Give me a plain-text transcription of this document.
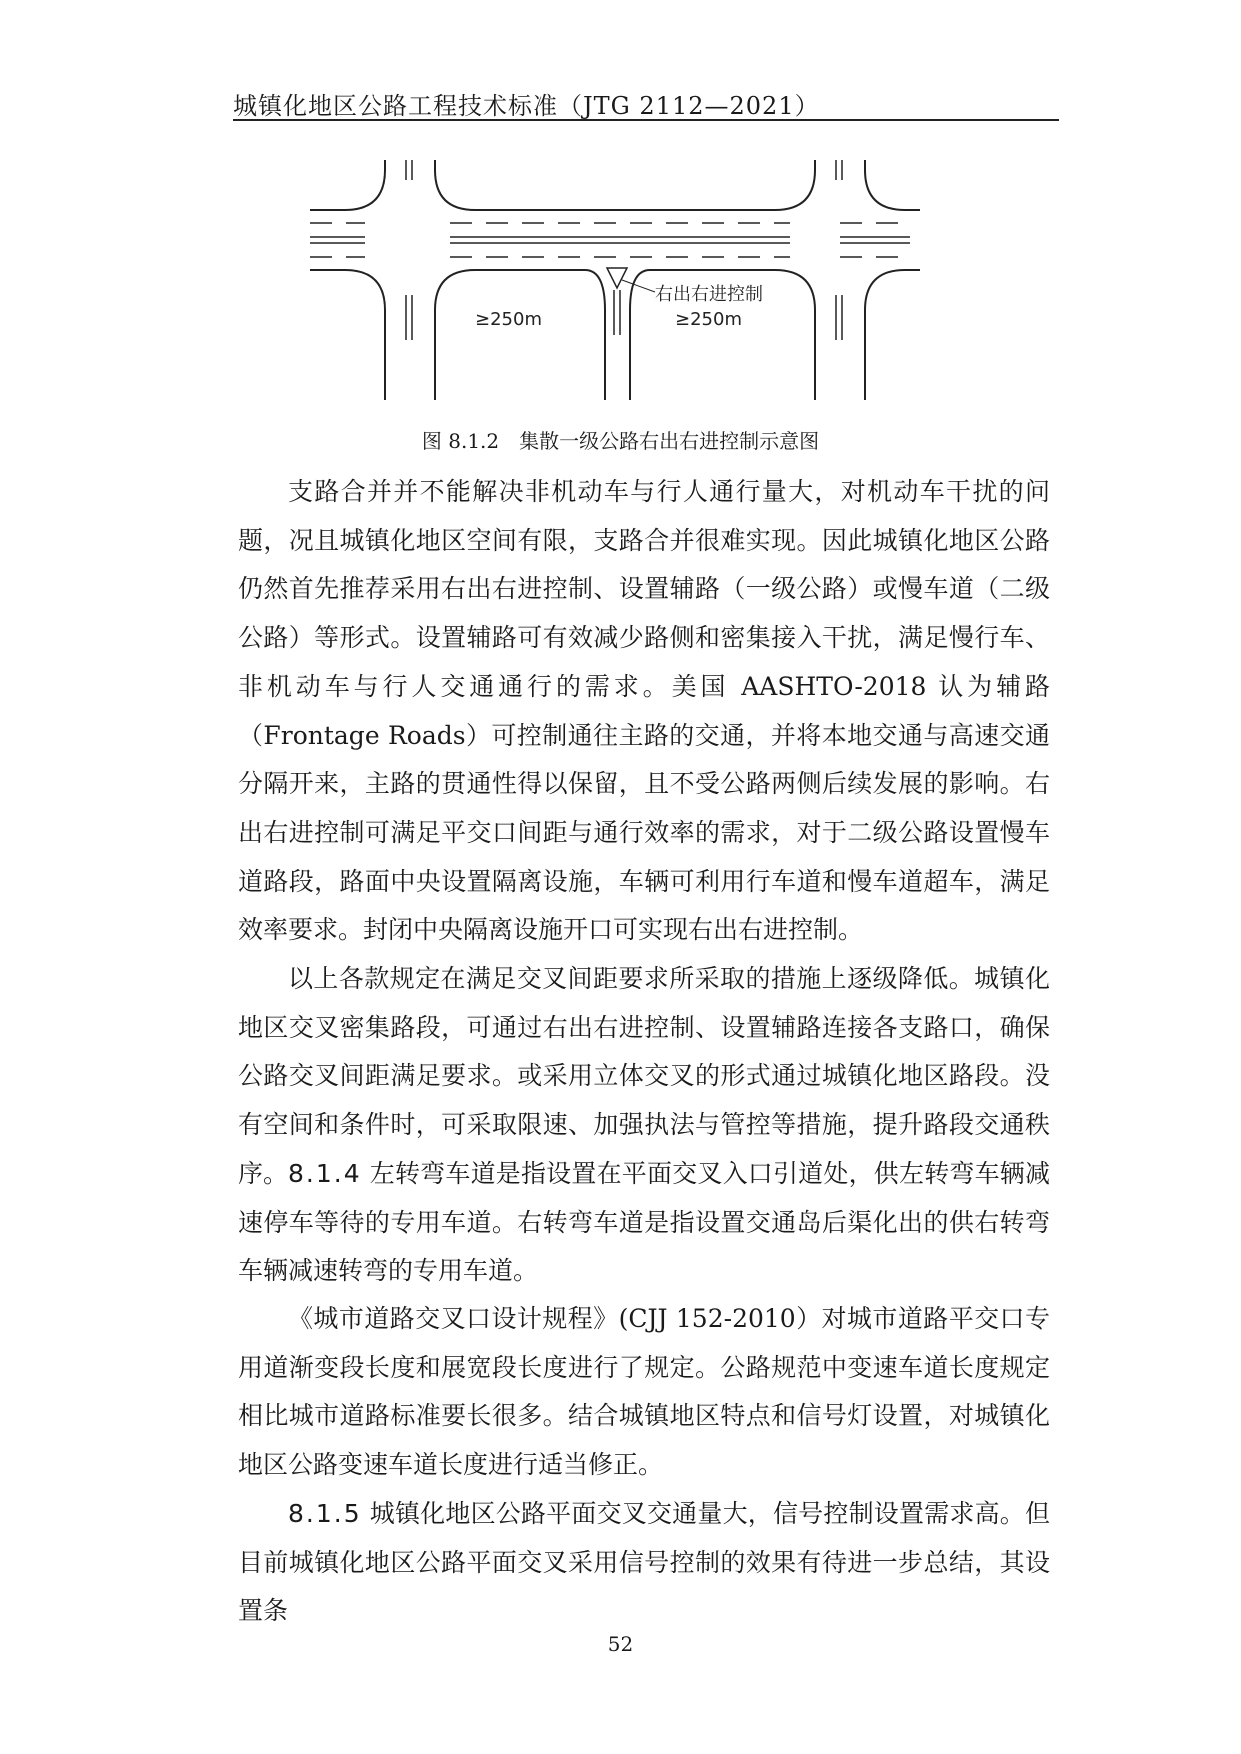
城镇化地区公路工程技术标准（JTG 2112—2021）
右出右进控制
≥250m	≥250m
图 8.1.2　集散一级公路右出右进控制示意图

支路合并并不能解决非机动车与行人通行量大，对机动车干扰的问题，况且城镇化地区空间有限，支路合并很难实现。因此城镇化地区公路仍然首先推荐采用右出右进控制、设置辅路（一级公路）或慢车道（二级公路）等形式。设置辅路可有效减少路侧和密集接入干扰，满足慢行车、非机动车与行人交通通行的需求。美国 AASHTO-2018 认为辅路（Frontage Roads）可控制通往主路的交通，并将本地交通与高速交通分隔开来，主路的贯通性得以保留，且不受公路两侧后续发展的影响。右出右进控制可满足平交口间距与通行效率的需求，对于二级公路设置慢车道路段，路面中央设置隔离设施，车辆可利用行车道和慢车道超车，满足效率要求。封闭中央隔离设施开口可实现右出右进控制。

以上各款规定在满足交叉间距要求所采取的措施上逐级降低。城镇化地区交叉密集路段，可通过右出右进控制、设置辅路连接各支路口，确保公路交叉间距满足要求。或采用立体交叉的形式通过城镇化地区路段。没有空间和条件时，可采取限速、加强执法与管控等措施，提升路段交通秩序。 8.1.4 左转弯车道是指设置在平面交叉入口引道处，供左转弯车辆减速停车等待的专用车道。右转弯车道是指设置交通岛后渠化出的供右转弯车辆减速转弯的专用车道。

《城市道路交叉口设计规程》(CJJ 152-2010）对城市道路平交口专用道渐变段长度和展宽段长度进行了规定。公路规范中变速车道长度规定相比城市道路标准要长很多。结合城镇地区特点和信号灯设置，对城镇化地区公路变速车道长度进行适当修正。

8.1.5 城镇化地区公路平面交叉交通量大，信号控制设置需求高。但目前城镇化地区公路平面交叉采用信号控制的效果有待进一步总结，其设置条

52
